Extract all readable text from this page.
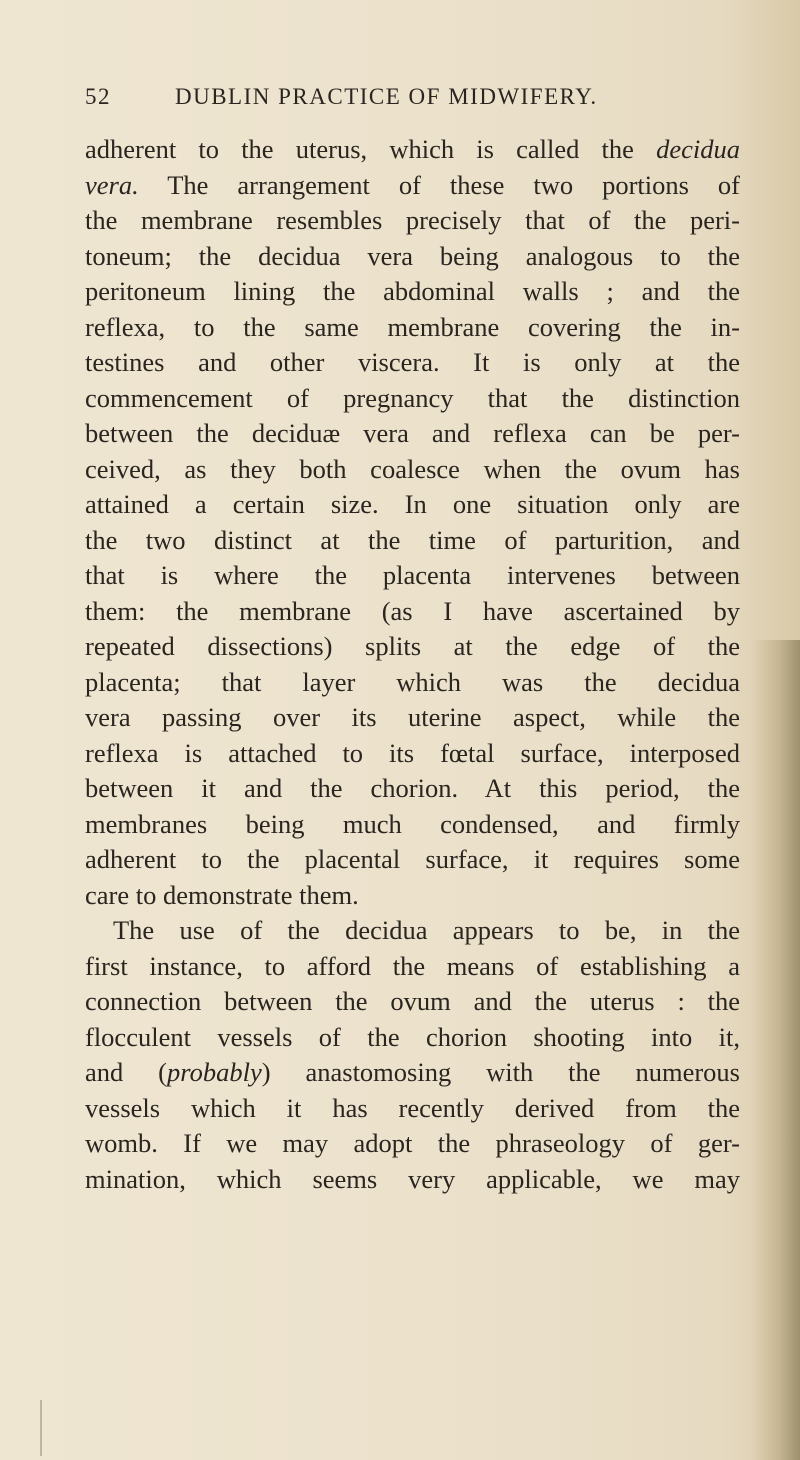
52	DUBLIN PRACTICE OF MIDWIFERY.
adherent to the uterus, which is called the decidua
vera. The arrangement of these two portions of
the membrane resembles precisely that of the peri-
toneum; the decidua vera being analogous to the
peritoneum lining the abdominal walls ; and the
reflexa, to the same membrane covering the in-
testines and other viscera. It is only at the
commencement of pregnancy that the distinction
between the deciduæ vera and reflexa can be per-
ceived, as they both coalesce when the ovum has
attained a certain size. In one situation only are
the two distinct at the time of parturition, and
that is where the placenta intervenes between
them: the membrane (as I have ascertained by
repeated dissections) splits at the edge of the
placenta; that layer which was the decidua
vera passing over its uterine aspect, while the
reflexa is attached to its fœtal surface, interposed
between it and the chorion. At this period, the
membranes being much condensed, and firmly
adherent to the placental surface, it requires some
care to demonstrate them.
The use of the decidua appears to be, in the
first instance, to afford the means of establishing a
connection between the ovum and the uterus : the
flocculent vessels of the chorion shooting into it,
and (probably) anastomosing with the numerous
vessels which it has recently derived from the
womb. If we may adopt the phraseology of ger-
mination, which seems very applicable, we may
